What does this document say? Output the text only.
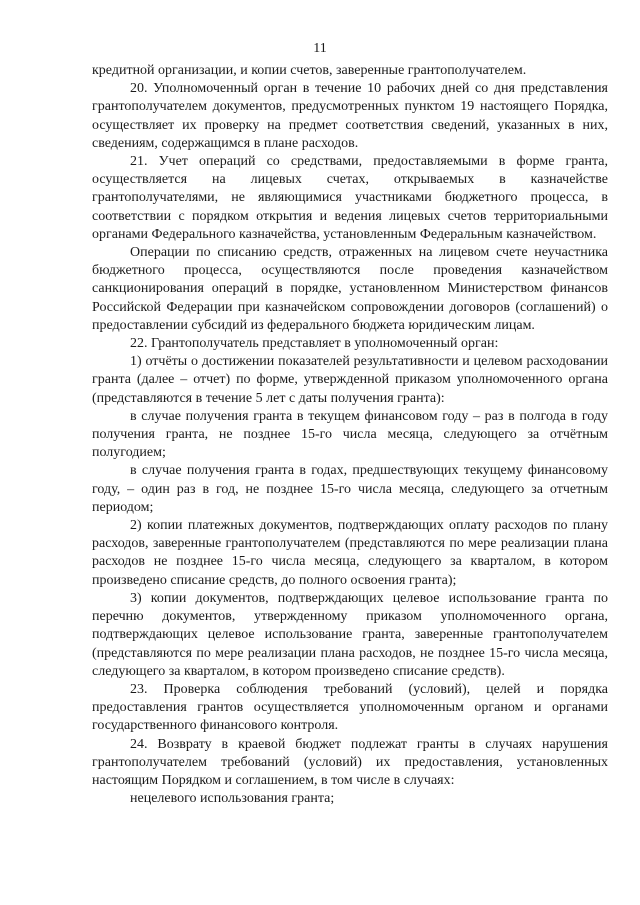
11

кредитной организации, и копии счетов, заверенные грантополучателем.

20. Уполномоченный орган в течение 10 рабочих дней со дня представления грантополучателем документов, предусмотренных пунктом 19 настоящего Порядка, осуществляет их проверку на предмет соответствия сведений, указанных в них, сведениям, содержащимся в плане расходов.

21. Учет операций со средствами, предоставляемыми в форме гранта, осуществляется на лицевых счетах, открываемых в казначействе грантополучателями, не являющимися участниками бюджетного процесса, в соответствии с порядком открытия и ведения лицевых счетов территориальными органами Федерального казначейства, установленным Федеральным казначейством.

Операции по списанию средств, отраженных на лицевом счете неучастника бюджетного процесса, осуществляются после проведения казначейством санкционирования операций в порядке, установленном Министерством финансов Российской Федерации при казначейском сопровождении договоров (соглашений) о предоставлении субсидий из федерального бюджета юридическим лицам.

22. Грантополучатель представляет в уполномоченный орган:

1) отчёты о достижении показателей результативности и целевом расходовании гранта (далее – отчет) по форме, утвержденной приказом уполномоченного органа (представляются в течение 5 лет с даты получения гранта):

в случае получения гранта в текущем финансовом году – раз в полгода в году получения гранта, не позднее 15-го числа месяца, следующего за отчётным полугодием;

в случае получения гранта в годах, предшествующих текущему финансовому году, – один раз в год, не позднее 15-го числа месяца, следующего за отчетным периодом;

2) копии платежных документов, подтверждающих оплату расходов по плану расходов, заверенные грантополучателем (представляются по мере реализации плана расходов не позднее 15-го числа месяца, следующего за кварталом, в котором произведено списание средств, до полного освоения гранта);

3) копии документов, подтверждающих целевое использование гранта по перечню документов, утвержденному приказом уполномоченного органа, подтверждающих целевое использование гранта, заверенные грантополучателем (представляются по мере реализации плана расходов, не позднее 15-го числа месяца, следующего за кварталом, в котором произведено списание средств).

23. Проверка соблюдения требований (условий), целей и порядка предоставления грантов осуществляется уполномоченным органом и органами государственного финансового контроля.

24. Возврату в краевой бюджет подлежат гранты в случаях нарушения грантополучателем требований (условий) их предоставления, установленных настоящим Порядком и соглашением, в том числе в случаях:

нецелевого использования гранта;
